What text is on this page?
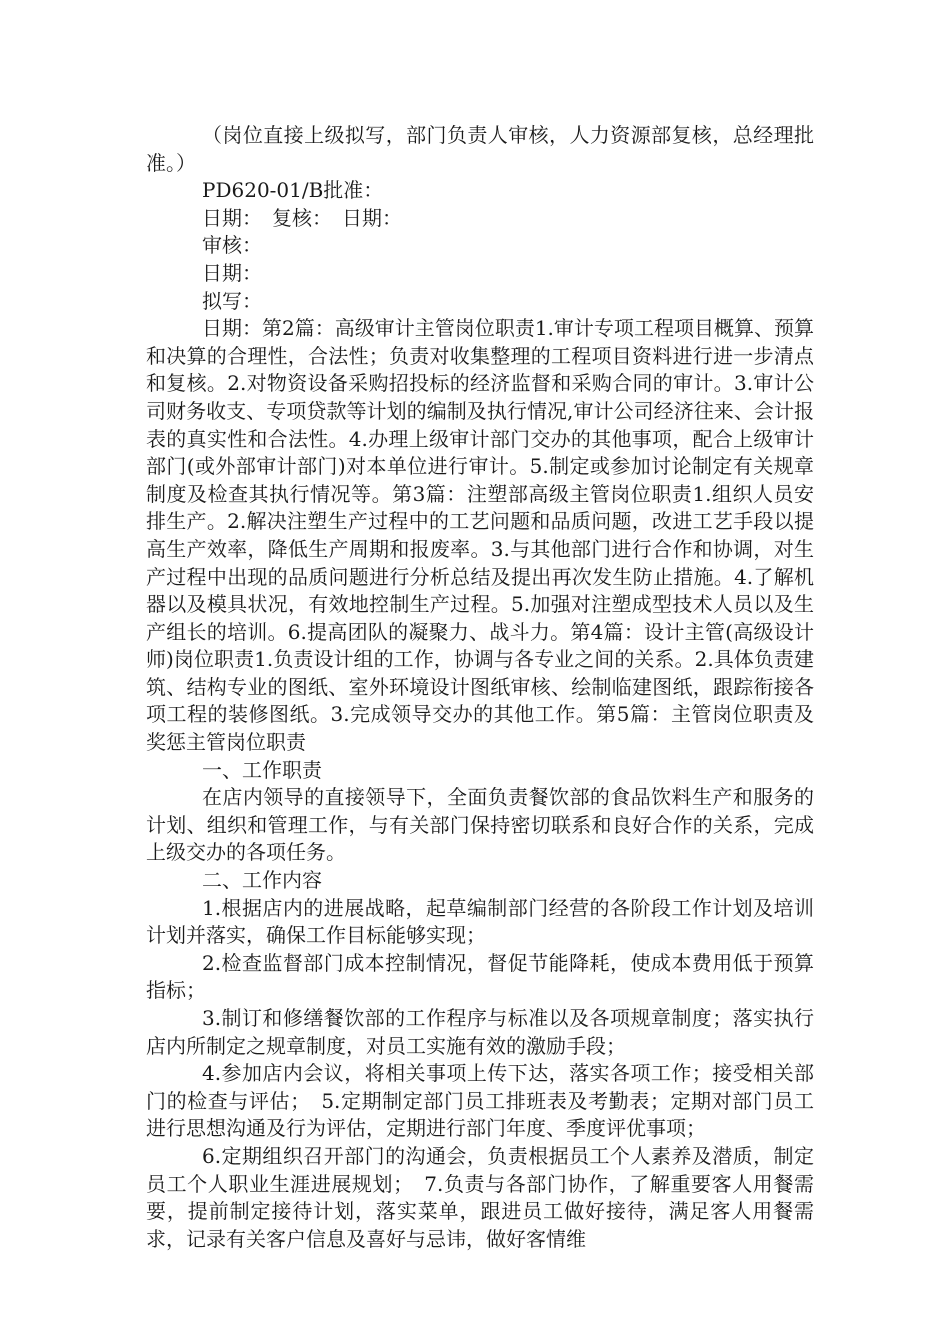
（岗位直接上级拟写，部门负责人审核，人力资源部复核，总经理批准。）

PD620-01/B批准：

日期：　复核：　日期：

审核：

日期：

拟写：

日期：第2篇：高级审计主管岗位职责1.审计专项工程项目概算、预算和决算的合理性，合法性；负责对收集整理的工程项目资料进行进一步清点和复核。2.对物资设备采购招投标的经济监督和采购合同的审计。3.审计公司财务收支、专项贷款等计划的编制及执行情况,审计公司经济往来、会计报表的真实性和合法性。4.办理上级审计部门交办的其他事项，配合上级审计部门(或外部审计部门)对本单位进行审计。5.制定或参加讨论制定有关规章制度及检查其执行情况等。第3篇：注塑部高级主管岗位职责1.组织人员安排生产。2.解决注塑生产过程中的工艺问题和品质问题，改进工艺手段以提高生产效率，降低生产周期和报废率。3.与其他部门进行合作和协调，对生产过程中出现的品质问题进行分析总结及提出再次发生防止措施。4.了解机器以及模具状况，有效地控制生产过程。5.加强对注塑成型技术人员以及生产组长的培训。6.提高团队的凝聚力、战斗力。第4篇：设计主管(高级设计师)岗位职责1.负责设计组的工作，协调与各专业之间的关系。2.具体负责建筑、结构专业的图纸、室外环境设计图纸审核、绘制临建图纸，跟踪衔接各项工程的装修图纸。3.完成领导交办的其他工作。第5篇：主管岗位职责及奖惩主管岗位职责

一、工作职责

在店内领导的直接领导下，全面负责餐饮部的食品饮料生产和服务的计划、组织和管理工作，与有关部门保持密切联系和良好合作的关系，完成上级交办的各项任务。

二、工作内容

1.根据店内的进展战略，起草编制部门经营的各阶段工作计划及培训计划并落实，确保工作目标能够实现；

2.检查监督部门成本控制情况，督促节能降耗，使成本费用低于预算指标；

3.制订和修缮餐饮部的工作程序与标准以及各项规章制度；落实执行店内所制定之规章制度，对员工实施有效的激励手段；

4.参加店内会议，将相关事项上传下达，落实各项工作；接受相关部门的检查与评估；　5.定期制定部门员工排班表及考勤表；定期对部门员工进行思想沟通及行为评估，定期进行部门年度、季度评优事项；

6.定期组织召开部门的沟通会，负责根据员工个人素养及潜质，制定员工个人职业生涯进展规划；　7.负责与各部门协作，了解重要客人用餐需要，提前制定接待计划，落实菜单，跟进员工做好接待，满足客人用餐需求，记录有关客户信息及喜好与忌讳，做好客情维
